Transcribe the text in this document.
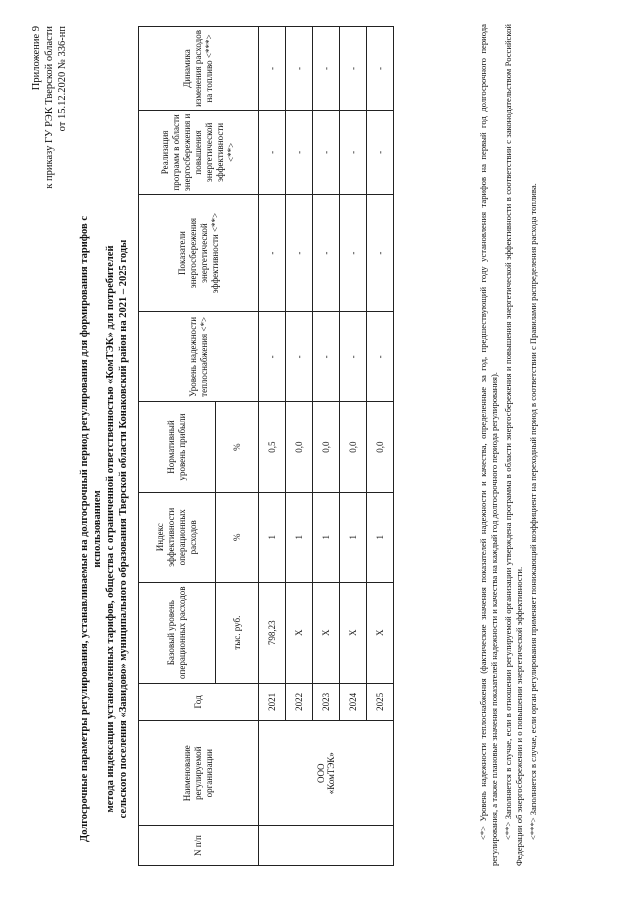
Приложение 9 к приказу ГУ РЭК Тверской области от 15.12.2020 № 336-нп
Долгосрочные параметры регулирования, устанавливаемые на долгосрочный период регулирования для формирования тарифов с использованием метода индексации установленных тарифов, общества с ограниченной ответственностью «КомТЭК» для потребителей сельского поселения «Завидово» муниципального образования Тверской области Конаковский район на 2021 – 2025 годы
N п/п	Наименование регулируемой организации	Год	Базовый уровень операционных расходов	Индекс эффективности операционных расходов	Нормативный уровень прибыли	Уровень надежности теплоснабжения <*>	Показатели энергосбережения энергетической эффективности <**>	Реализация программ в области энергосбережения и повышения энергетической эффективности <**>	Динамика изменения расходов на топливо <***>
			тыс. руб.	%	%				

	ООО «КомТЭК»	2021	798,23	1	0,5	-	-	-	-
		2022	X	1	0,0	-	-	-	-
		2023	X	1	0,0	-	-	-	-
		2024	X	1	0,0	-	-	-	-
		2025	X	1	0,0	-	-	-	-	<*> Уровень надежности теплоснабжения (фактические значения показателей надежности и качества, определенные за год, предшествующий году установления тарифов на первый год долгосрочного периода регулирования, а также плановые значения показателей надежности и качества на каждый год долгосрочного периода регулирования). <**> Заполняется в случае, если в отношении регулируемой организации утверждена программа в области энергосбережения и повышения энергетической эффективности в соответствии с законодательством Российской Федерации об энергосбережении и о повышении энергетической эффективности. <***> Заполняется в случае, если орган регулирования применяет понижающий коэффициент на переходный период в соответствии с Правилами распределения расхода топлива.
